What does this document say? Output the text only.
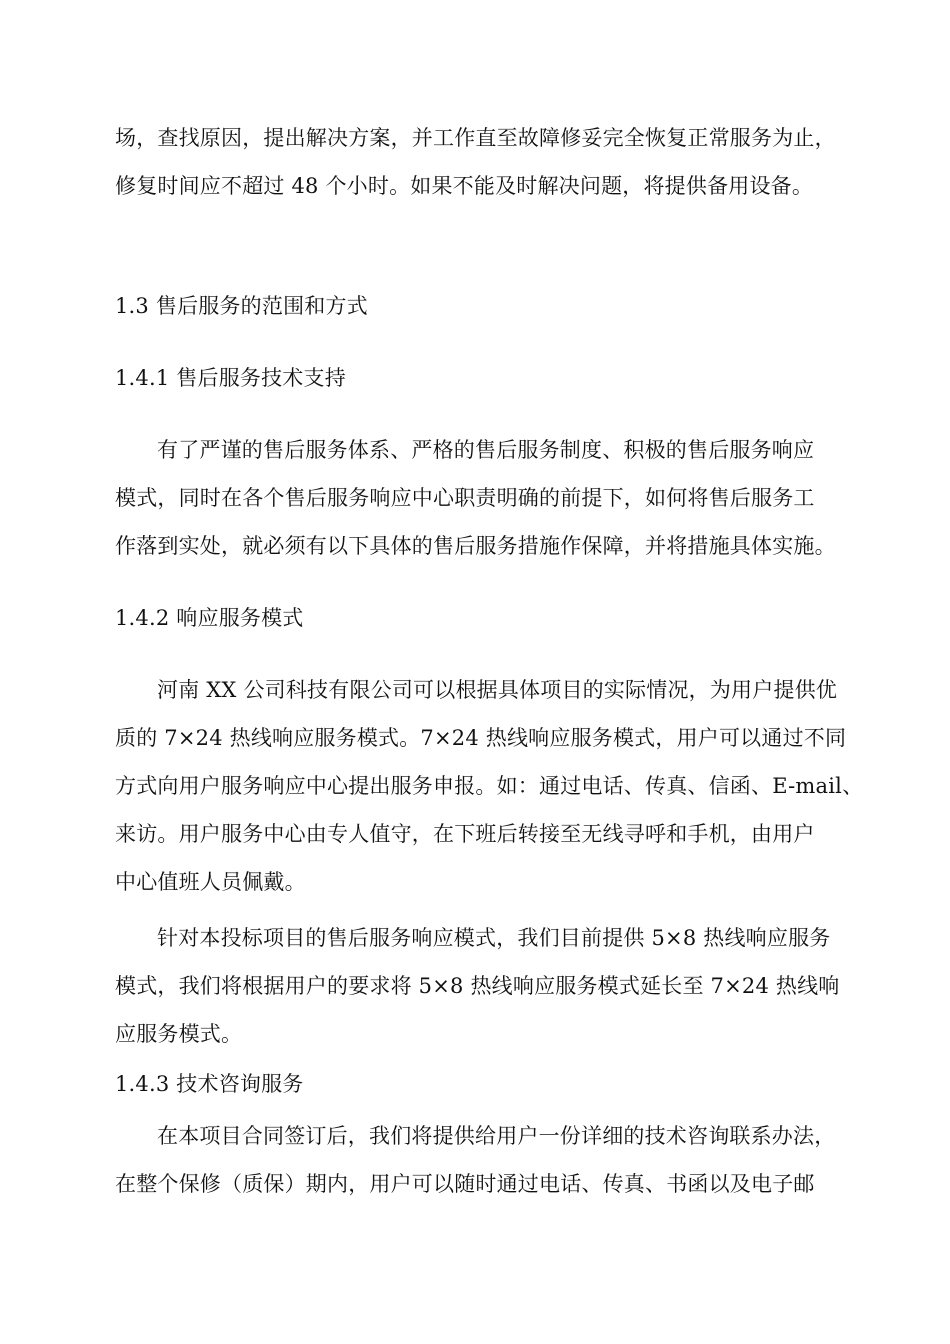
场，查找原因，提出解决方案，并工作直至故障修妥完全恢复正常服务为止，
修复时间应不超过 48 个小时。如果不能及时解决问题，将提供备用设备。
1.3 售后服务的范围和方式
1.4.1 售后服务技术支持
有了严谨的售后服务体系、严格的售后服务制度、积极的售后服务响应
模式，同时在各个售后服务响应中心职责明确的前提下，如何将售后服务工
作落到实处，就必须有以下具体的售后服务措施作保障，并将措施具体实施。
1.4.2 响应服务模式
河南 XX 公司科技有限公司可以根据具体项目的实际情况，为用户提供优
质的 7×24 热线响应服务模式。7×24 热线响应服务模式，用户可以通过不同
方式向用户服务响应中心提出服务申报。如：通过电话、传真、信函、E-mail、
来访。用户服务中心由专人值守，在下班后转接至无线寻呼和手机，由用户
中心值班人员佩戴。
针对本投标项目的售后服务响应模式，我们目前提供 5×8 热线响应服务
模式，我们将根据用户的要求将 5×8 热线响应服务模式延长至 7×24 热线响
应服务模式。
1.4.3 技术咨询服务
在本项目合同签订后，我们将提供给用户一份详细的技术咨询联系办法，
在整个保修（质保）期内，用户可以随时通过电话、传真、书函以及电子邮
